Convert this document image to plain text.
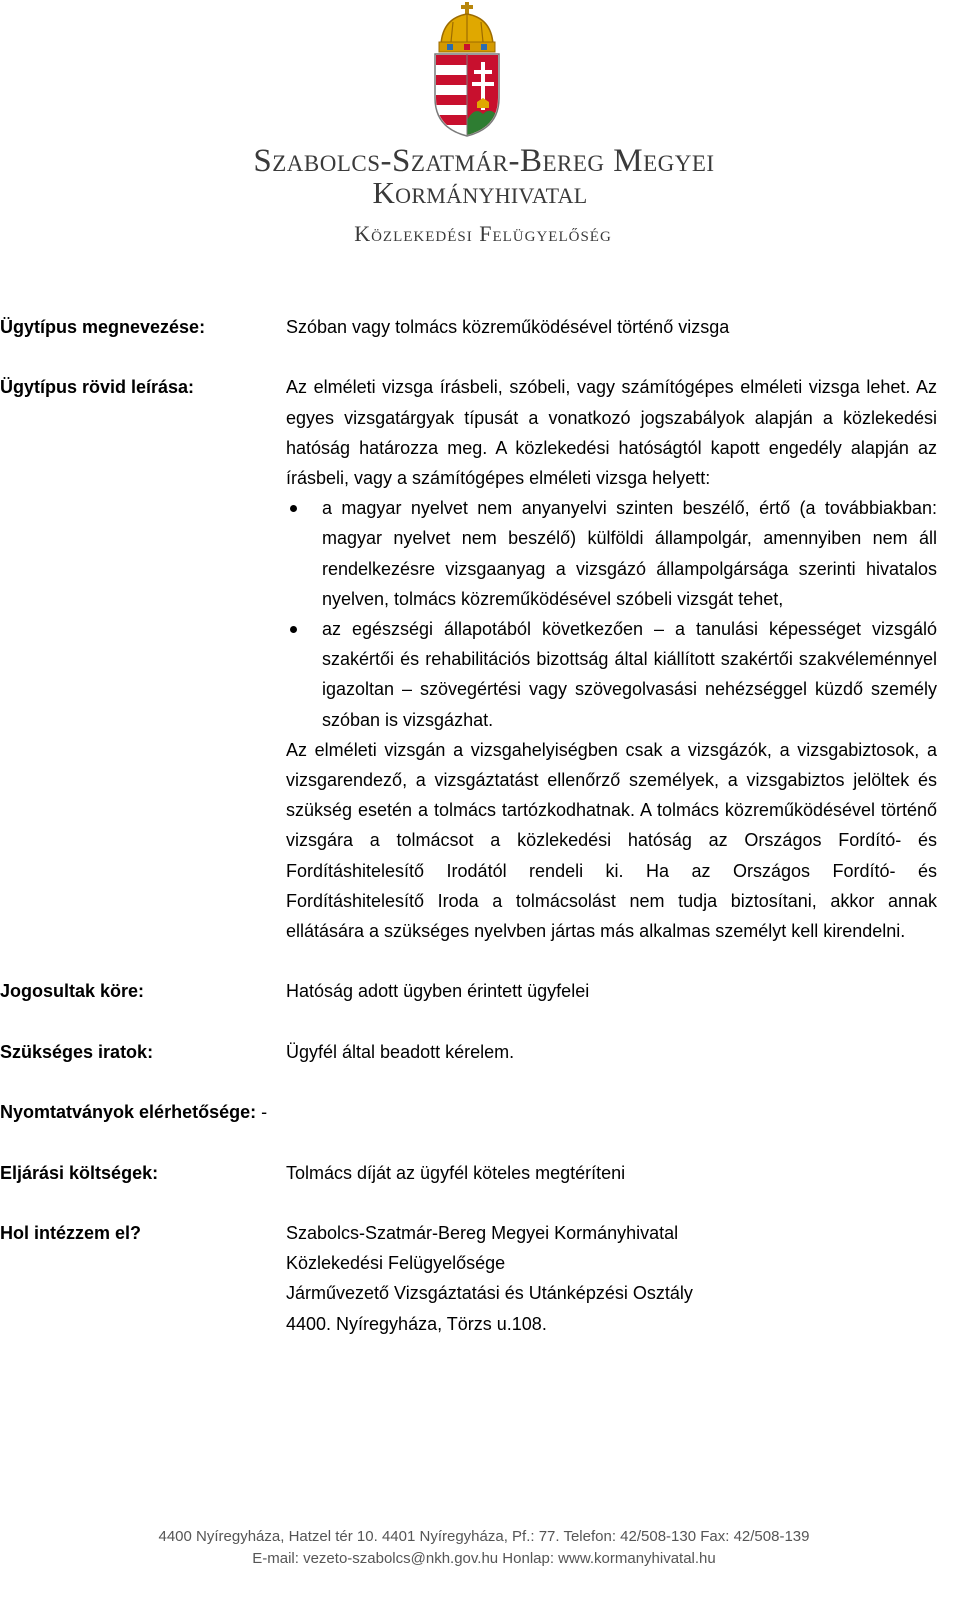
Szabolcs-Szatmár-Bereg Megyei
Kormányhivatal
Közlekedési Felügyelőség
Ügytípus megnevezése:	Szóban vagy tolmács közreműködésével történő vizsga
Ügytípus rövid leírása:	Az elméleti vizsga írásbeli, szóbeli, vagy számítógépes elméleti vizsga lehet. Az egyes vizsgatárgyak típusát a vonatkozó jogszabályok alapján a közlekedési hatóság határozza meg. A közlekedési hatóságtól kapott engedély alapján az írásbeli, vagy a számítógépes elméleti vizsga helyett:

a magyar nyelvet nem anyanyelvi szinten beszélő, értő (a továbbiakban: magyar nyelvet nem beszélő) külföldi állampolgár, amennyiben nem áll rendelkezésre vizsgaanyag a vizsgázó állampolgársága szerinti hivatalos nyelven, tolmács közreműködésével szóbeli vizsgát tehet,
az egészségi állapotából következően – a tanulási képességet vizsgáló szakértői és rehabilitációs bizottság által kiállított szakértői szakvéleménnyel igazoltan – szövegértési vagy szövegolvasási nehézséggel küzdő személy szóban is vizsgázhat.

Az elméleti vizsgán a vizsgahelyiségben csak a vizsgázók, a vizsgabiztosok, a vizsgarendező, a vizsgáztatást ellenőrző személyek, a vizsgabiztos jelöltek és szükség esetén a tolmács tartózkodhatnak. A tolmács közreműködésével történő vizsgára a tolmácsot a közlekedési hatóság az Országos Fordító- és Fordításhitelesítő Irodától rendeli ki. Ha az Országos Fordító- és Fordításhitelesítő Iroda a tolmácsolást nem tudja biztosítani, akkor annak ellátására a szükséges nyelvben jártas más alkalmas személyt kell kirendelni.

Jogosultak köre:	Hatóság adott ügyben érintett ügyfelei
Szükséges iratok:	Ügyfél által beadott kérelem.
Nyomtatványok elérhetősége: -
Eljárási költségek:	Tolmács díját az ügyfél köteles megtéríteni
Hol intézzem el?	Szabolcs-Szatmár-Bereg Megyei Kormányhivatal
Közlekedési Felügyelősége
Járművezető Vizsgáztatási és Utánképzési Osztály
4400. Nyíregyháza, Törzs u.108.
4400 Nyíregyháza, Hatzel tér 10. 4401 Nyíregyháza, Pf.: 77. Telefon: 42/508-130 Fax: 42/508-139
E-mail: vezeto-szabolcs@nkh.gov.hu Honlap: www.kormanyhivatal.hu
